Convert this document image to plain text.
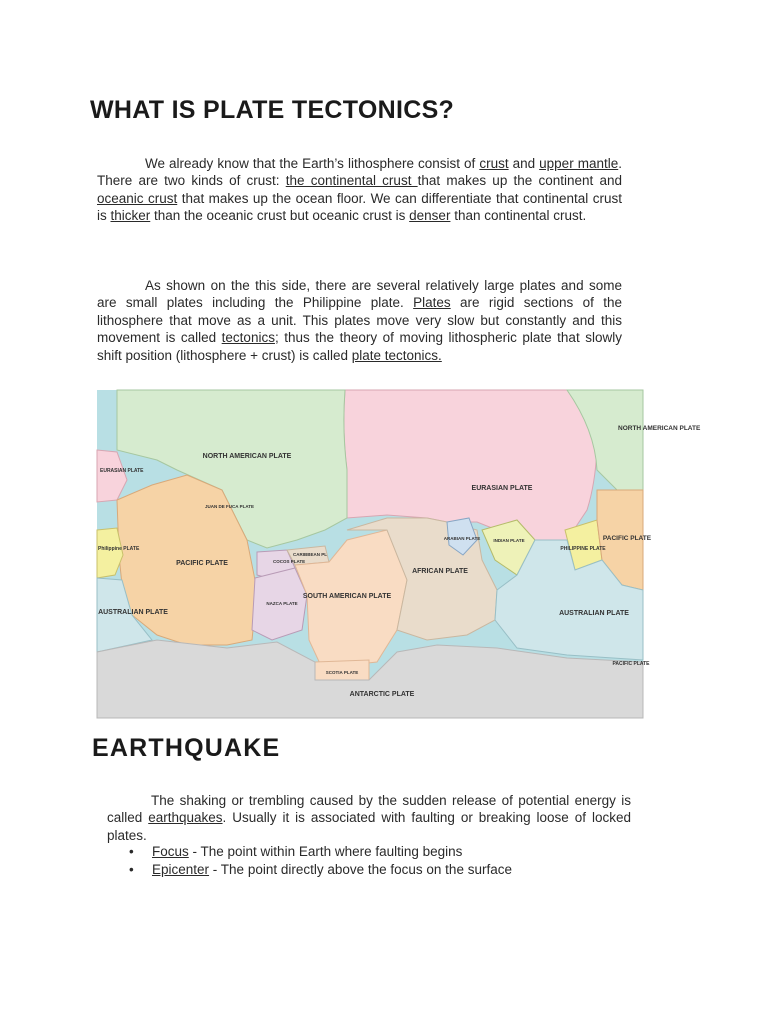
WHAT IS PLATE TECTONICS?

We already know that the Earth’s lithosphere consist of crust and upper mantle. There are two kinds of crust: the continental crust that makes up the continent and oceanic crust that makes up the ocean floor. We can differentiate that continental crust is thicker than the oceanic crust but oceanic crust is denser than continental crust.

As shown on the this side, there are several relatively large plates and some are small plates including the Philippine plate. Plates are rigid sections of the lithosphere that move as a unit. This plates move very slow but constantly and this movement is called tectonics; thus the theory of moving lithospheric plate that slowly shift position (lithosphere + crust) is called plate tectonics.

NORTH AMERICAN PLATE
NORTH AMERICAN PLATE
EURASIAN PLATE
EURASIAN PLATE
JUAN DE FUCA PLATE
Philippine PLATE
PACIFIC PLATE	COCOS PLATE
CARIBBEAN PL
NAZCA PLATE
SOUTH AMERICAN PLATE
AFRICAN PLATE
ARABIAN PLATE	INDIAN PLATE
PHILIPPINE PLATE
PACIFIC PLATE
AUSTRALIAN PLATE	AUSTRALIAN PLATE
PACIFIC PLATE
SCOTIA PLATE
ANTARCTIC PLATE
EARTHQUAKE

The shaking or trembling caused by the sudden release of potential energy is called earthquakes. Usually it is associated with faulting or breaking loose of locked plates.

• Focus - The point within Earth where faulting begins
• Epicenter - The point directly above the focus on the surface
